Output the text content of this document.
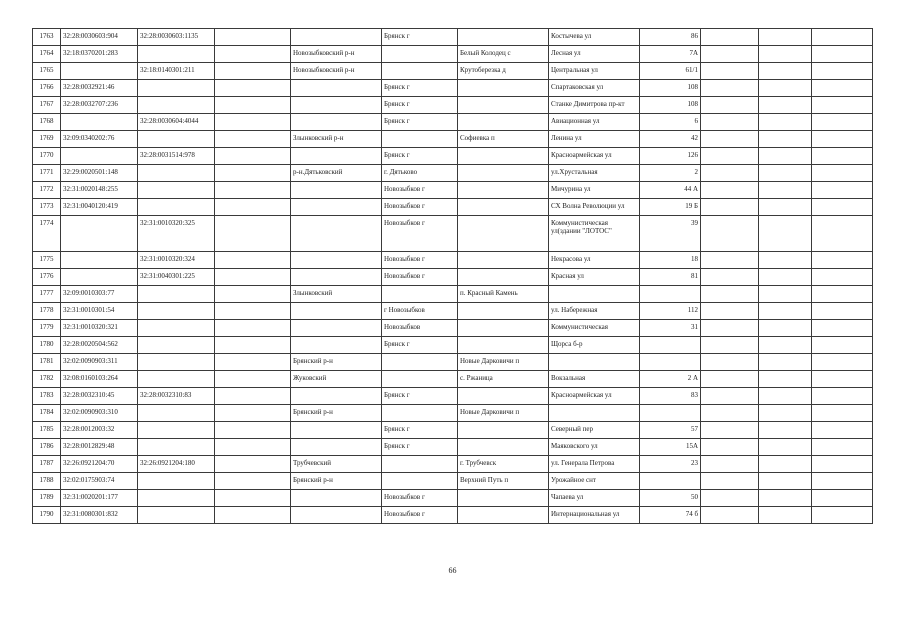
1763	32:28:0030603:904	32:28:0030603:1135			Брянск г		Костычева ул	86			
1764	32:18:0370201:283			Новозыбковский р-н		Белый Колодец с	Лесная ул	7А			
1765		32:18:0140301:211		Новозыбковский р-н		Крутоберезка д	Центральная ул	61/1			
1766	32:28:0032921:46				Брянск г		Спартаковская ул	108			
1767	32:28:0032707:236				Брянск г		Станке Димитрова пр-кт	108			
1768		32:28:0030604:4044			Брянск г		Авиационная ул	6			
1769	32:09:0340202:76			Злынковский р-н		Софиевка п	Ленина ул	42			
1770		32:28:0031514:978			Брянск г		Красноармейская ул	126			
1771	32:29:0020501:148			р-н.Дятьковский	г. Дятьково		ул.Хрустальная	2			
1772	32:31:0020148:255				Новозыбков г		Мичурина ул	44 А			
1773	32:31:0040120:419				Новозыбков г		СХ Волна Революции ул	19 Б			
1774		32:31:0010320:325			Новозыбков г		Коммунистическая ул(здании "ЛОТОС"	39			
1775		32:31:0010320:324			Новозыбков г		Некрасова ул	18			
1776		32:31:0040301:225			Новозыбков г		Красная ул	81			
1777	32:09:0010303:77			Злынковский		п. Красный Камень					
1778	32:31:0010301:54				г Новозыбков		ул. Набережная	112			
1779	32:31:0010320:321				Новозыбков		Коммунистическая	31			
1780	32:28:0020504:562				Брянск г		Щорса б-р				
1781	32:02:0090903:311			Брянский р-н		Новые Дарковичи п					
1782	32:08:0160103:264			Жуковский		с. Ржаница	Вокзальная	2 А			
1783	32:28:0032310:45	32:28:0032310:83			Брянск г		Красноармейская ул	83			
1784	32:02:0090903:310			Брянский р-н		Новые Дарковичи п					
1785	32:28:0012003:32				Брянск г		Северный пер	57			
1786	32:28:0012829:48				Брянск г		Маяковского ул	15А			
1787	32:26:0921204:70	32:26:0921204:180		Трубчевский		г. Трубчевск	ул. Генерала Петрова	23			
1788	32:02:0175903:74			Брянский р-н		Верхний Путь п	Урожайное снт				
1789	32:31:0020201:177				Новозыбков г		Чапаева ул	50			
1790	32:31:0080301:832				Новозыбков г		Интернациональная ул	74 б			
66
